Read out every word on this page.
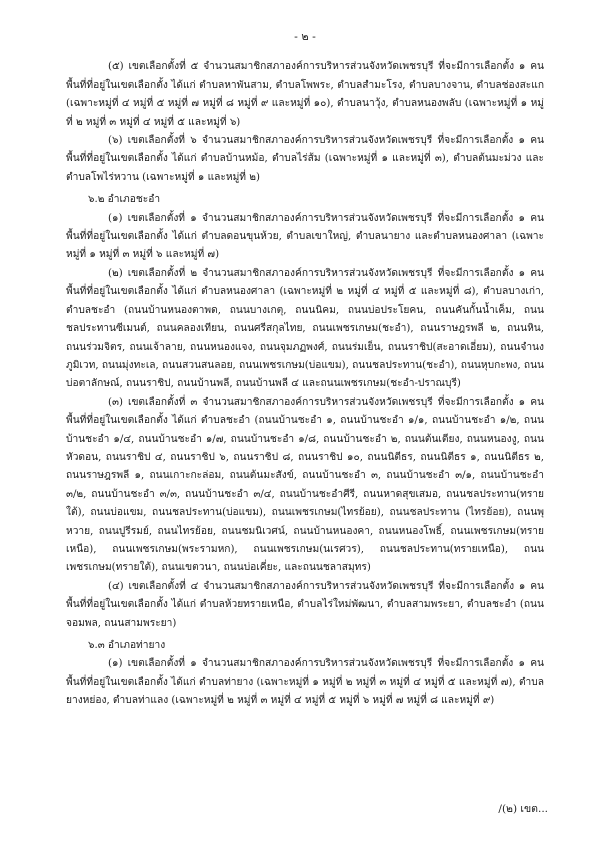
- ๒ -

(๕) เขตเลือกตั้งที่ ๕ จำนวนสมาชิกสภาองค์การบริหารส่วนจังหวัดเพชรบุรี ที่จะมีการเลือกตั้ง ๑ คน พื้นที่ที่อยู่ในเขตเลือกตั้ง ได้แก่ ตำบลหาพันสาม, ตำบลโพพระ, ตำบลสำมะโรง, ตำบลบางจาน, ตำบลช่องสะแก (เฉพาะหมู่ที่ ๔ หมู่ที่ ๕ หมู่ที่ ๗ หมู่ที่ ๘ หมู่ที่ ๙ และหมู่ที่ ๑๐), ตำบลนาวุ้ง, ตำบลหนองพลับ (เฉพาะหมู่ที่ ๑ หมู่ที่ ๒ หมู่ที่ ๓ หมู่ที่ ๔ หมู่ที่ ๕ และหมู่ที่ ๖)

(๖) เขตเลือกตั้งที่ ๖ จำนวนสมาชิกสภาองค์การบริหารส่วนจังหวัดเพชรบุรี ที่จะมีการเลือกตั้ง ๑ คน พื้นที่ที่อยู่ในเขตเลือกตั้ง ได้แก่ ตำบลบ้านหม้อ, ตำบลไร่ส้ม (เฉพาะหมู่ที่ ๑ และหมู่ที่ ๓), ตำบลต้นมะม่วง และ ตำบลโพไร่หวาน (เฉพาะหมู่ที่ ๑ และหมู่ที่ ๒)

๖.๒ อำเภอชะอำ

(๑) เขตเลือกตั้งที่ ๑ จำนวนสมาชิกสภาองค์การบริหารส่วนจังหวัดเพชรบุรี ที่จะมีการเลือกตั้ง ๑ คน พื้นที่ที่อยู่ในเขตเลือกตั้ง ได้แก่ ตำบลดอนขุนห้วย, ตำบลเขาใหญ่, ตำบลนายาง และตำบลหนองศาลา (เฉพาะหมู่ที่ ๑ หมู่ที่ ๓ หมู่ที่ ๖ และหมู่ที่ ๗)

(๒) เขตเลือกตั้งที่ ๒ จำนวนสมาชิกสภาองค์การบริหารส่วนจังหวัดเพชรบุรี ที่จะมีการเลือกตั้ง ๑ คน พื้นที่ที่อยู่ในเขตเลือกตั้ง ได้แก่ ตำบลหนองศาลา (เฉพาะหมู่ที่ ๒ หมู่ที่ ๔ หมู่ที่ ๕ และหมู่ที่ ๘), ตำบลบางเก่า, ตำบลชะอำ (ถนนบ้านหนองตาพด, ถนนบางเกตุ, ถนนนิคม, ถนนบ่อประโยคน, ถนนคันกั้นน้ำเค็ม, ถนนชลประทานซีเมนต์, ถนนคลองเทียน, ถนนศรีสกุลไทย, ถนนเพชรเกษม(ชะอำ), ถนนราษฎรพลี ๒, ถนนหิน, ถนนร่วมจิตร, ถนนเจ้าลาย, ถนนหนองแจง, ถนนจุมภฏพงศ์, ถนนร่มเย็น, ถนนราชิป(สะอาดเอี่ยม), ถนนจำนงภูมิเวท, ถนนมุ่งทะเล, ถนนสวนสนลอย, ถนนเพชรเกษม(บ่อแขม), ถนนชลประทาน(ชะอำ), ถนนหุบกะพง, ถนนบ่อตาลักษณ์, ถนนราชิป, ถนนบ้านพลี, ถนนบ้านพลี ๔ และถนนเพชรเกษม(ชะอำ-ปราณบุรี)

(๓) เขตเลือกตั้งที่ ๓ จำนวนสมาชิกสภาองค์การบริหารส่วนจังหวัดเพชรบุรี ที่จะมีการเลือกตั้ง ๑ คน พื้นที่ที่อยู่ในเขตเลือกตั้ง ได้แก่ ตำบลชะอำ (ถนนบ้านชะอำ ๑, ถนนบ้านชะอำ ๑/๑, ถนนบ้านชะอำ ๑/๒, ถนนบ้านชะอำ ๑/๔, ถนนบ้านชะอำ ๑/๗, ถนนบ้านชะอำ ๑/๘, ถนนบ้านชะอำ ๒, ถนนต้นเตียง, ถนนหนองงู, ถนนหัวดอน, ถนนราชิป ๔, ถนนราชิป ๖, ถนนราชิป ๘, ถนนราชิป ๑๐, ถนนนิตีธร, ถนนนิตีธร ๑, ถนนนิตีธร ๒, ถนนราษฎรพลี ๑, ถนนเกาะกะล่อม, ถนนต้นมะสังข์, ถนนบ้านชะอำ ๓, ถนนบ้านชะอำ ๓/๑, ถนนบ้านชะอำ ๓/๒, ถนนบ้านชะอำ ๓/๓, ถนนบ้านชะอำ ๓/๔, ถนนบ้านชะอำศีรี, ถนนหาดสุขเสมอ, ถนนชลประทาน(ทรายใต้), ถนนบ่อแขม, ถนนชลประทาน(บ่อแขม), ถนนเพชรเกษม(ไทรย้อย), ถนนชลประทาน (ไทรย้อย), ถนนพุหวาย, ถนนปูรีรมย์, ถนนไทรย้อย, ถนนชมนิเวศน์, ถนนบ้านหนองคา, ถนนหนองโพธิ์, ถนนเพชรเกษม(ทรายเหนือ), ถนนเพชรเกษม(พระรามหก), ถนนเพชรเกษม(นเรศวร), ถนนชลประทาน(ทรายเหนือ), ถนนเพชรเกษม(ทรายใต้), ถนนเขตวนา, ถนนบ่อเคี่ยะ, และถนนชลาสมุทร)

(๔) เขตเลือกตั้งที่ ๔ จำนวนสมาชิกสภาองค์การบริหารส่วนจังหวัดเพชรบุรี ที่จะมีการเลือกตั้ง ๑ คน พื้นที่ที่อยู่ในเขตเลือกตั้ง ได้แก่ ตำบลห้วยทรายเหนือ, ตำบลไร่ใหม่พัฒนา, ตำบลสามพระยา, ตำบลชะอำ (ถนนจอมพล, ถนนสามพระยา)

๖.๓ อำเภอท่ายาง

(๑) เขตเลือกตั้งที่ ๑ จำนวนสมาชิกสภาองค์การบริหารส่วนจังหวัดเพชรบุรี ที่จะมีการเลือกตั้ง ๑ คน พื้นที่ที่อยู่ในเขตเลือกตั้ง ได้แก่ ตำบลท่ายาง (เฉพาะหมู่ที่ ๑ หมู่ที่ ๒ หมู่ที่ ๓ หมู่ที่ ๔ หมู่ที่ ๕ และหมู่ที่ ๗), ตำบลยางหย่อง, ตำบลท่าแลง (เฉพาะหมู่ที่ ๒ หมู่ที่ ๓ หมู่ที่ ๔ หมู่ที่ ๕ หมู่ที่ ๖ หมู่ที่ ๗ หมู่ที่ ๘ และหมู่ที่ ๙)

/(๒) เขต...
